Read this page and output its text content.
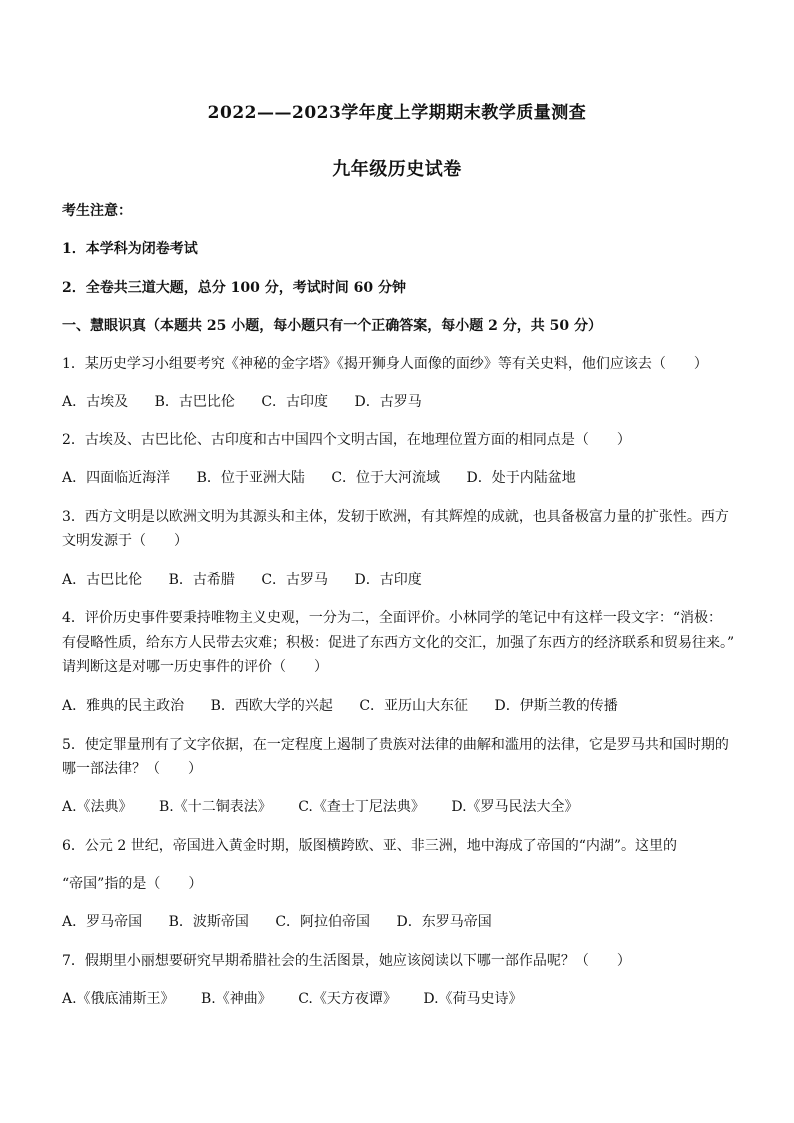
2022——2023学年度上学期期末教学质量测查
九年级历史试卷
考生注意：
1．本学科为闭卷考试
2．全卷共三道大题，总分 100 分，考试时间 60 分钟
一、慧眼识真（本题共 25 小题，每小题只有一个正确答案，每小题 2 分，共 50 分）
1．某历史学习小组要考究《神秘的金字塔》《揭开狮身人面像的面纱》等有关史料，他们应该去（　　）
A．古埃及 B．古巴比伦 C．古印度 D．古罗马
2．古埃及、古巴比伦、古印度和古中国四个文明古国，在地理位置方面的相同点是（　　）
A．四面临近海洋 B．位于亚洲大陆 C．位于大河流域 D．处于内陆盆地
3．西方文明是以欧洲文明为其源头和主体，发轫于欧洲，有其辉煌的成就，也具备极富力量的扩张性。西方
文明发源于（　　）
A．古巴比伦 B．古希腊 C．古罗马 D．古印度
4．评价历史事件要秉持唯物主义史观，一分为二，全面评价。小林同学的笔记中有这样一段文字：“消极：
有侵略性质，给东方人民带去灾难；积极：促进了东西方文化的交汇，加强了东西方的经济联系和贸易往来。”
请判断这是对哪一历史事件的评价（　　）
A．雅典的民主政治 B．西欧大学的兴起 C．亚历山大东征 D．伊斯兰教的传播
5．使定罪量刑有了文字依据，在一定程度上遏制了贵族对法律的曲解和滥用的法律，它是罗马共和国时期的
哪一部法律？（　　）
A.《法典》 B.《十二铜表法》 C.《查士丁尼法典》 D.《罗马民法大全》
6．公元 2 世纪，帝国进入黄金时期，版图横跨欧、亚、非三洲，地中海成了帝国的“内湖”。这里的
“帝国”指的是（　　）
A．罗马帝国 B．波斯帝国 C．阿拉伯帝国 D．东罗马帝国
7．假期里小丽想要研究早期希腊社会的生活图景，她应该阅读以下哪一部作品呢？（　　）
A.《俄底浦斯王》 B.《神曲》 C.《天方夜谭》 D.《荷马史诗》
